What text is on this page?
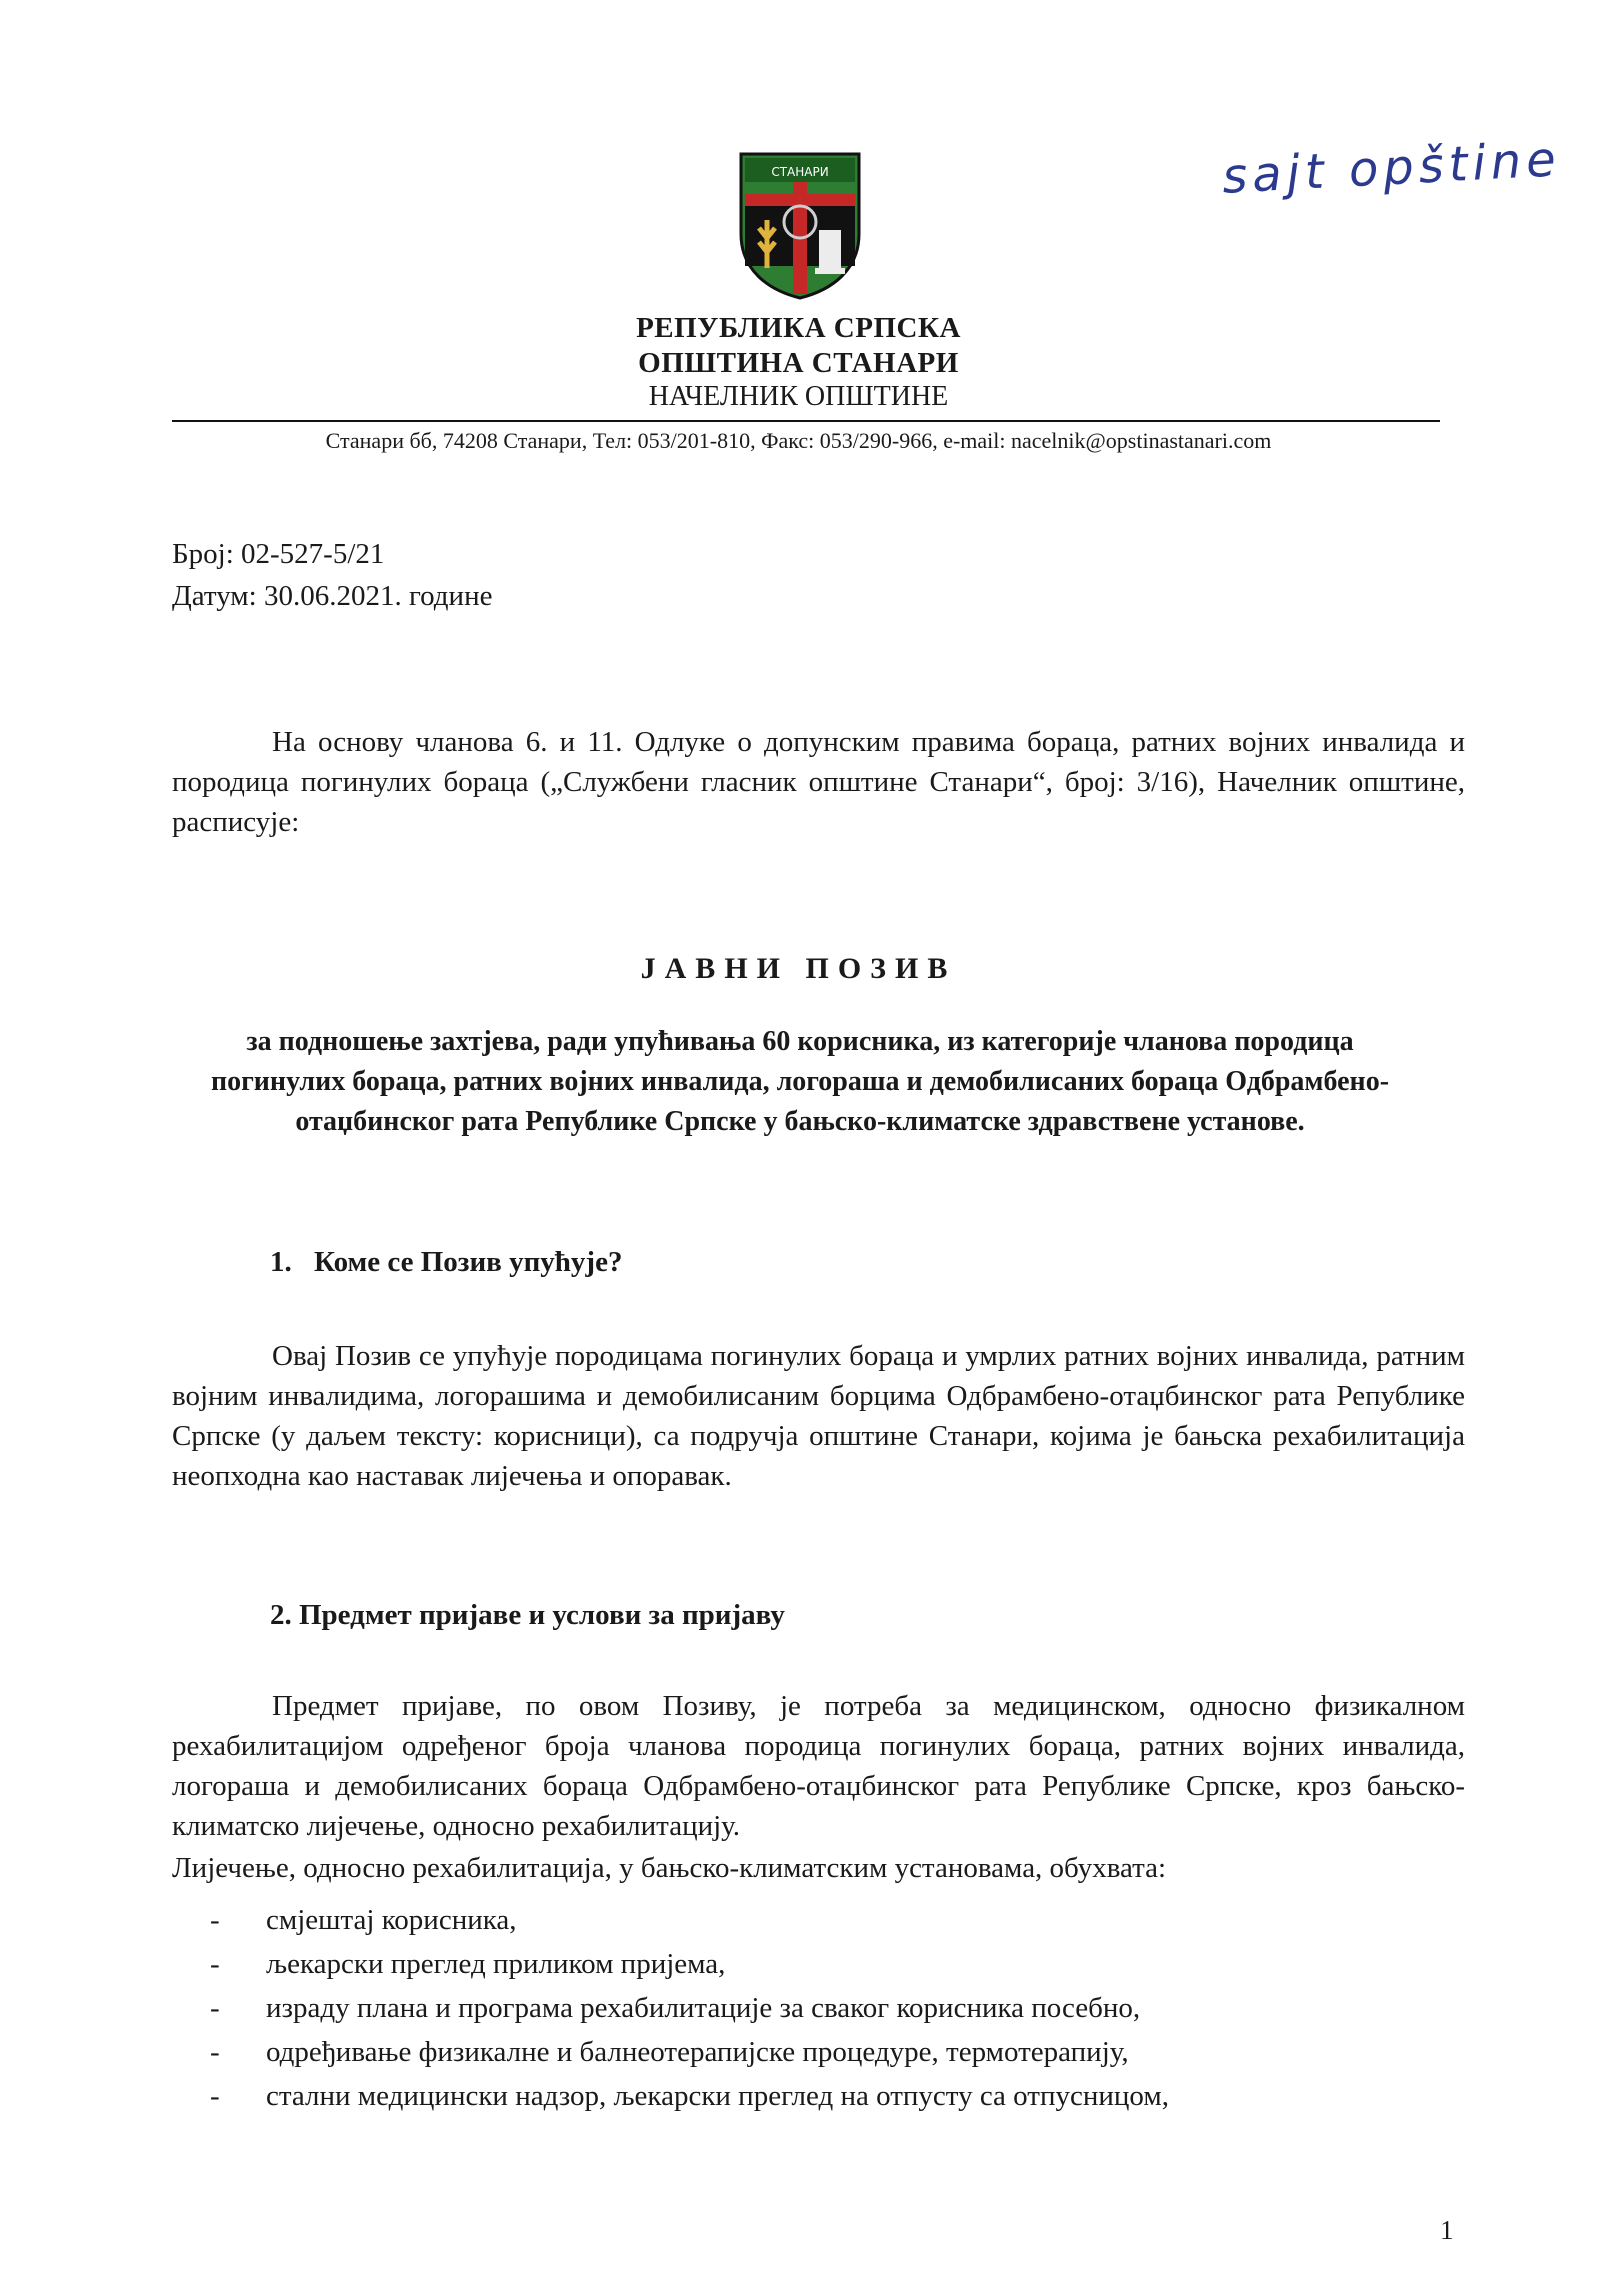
sajt opštine
СТАНАРИ
РЕПУБЛИКА СРПСКА
ОПШТИНА СТАНАРИ
НАЧЕЛНИК ОПШТИНЕ
Станари бб, 74208 Станари, Тел: 053/201-810, Факс: 053/290-966, e-mail: nacelnik@opstinastanari.com
Број: 02-527-5/21
Датум: 30.06.2021. године

На основу чланова 6. и 11. Одлуке о допунским правима бораца, ратних војних инвалида и породица погинулих бораца („Службени гласник општине Станари“, број: 3/16), Начелник општине, расписује:

ЈАВНИ ПОЗИВ

за подношење захтјева, ради упућивања 60 корисника, из категорије чланова породица погинулих бораца, ратних војних инвалида, логораша и демобилисаних бораца Одбрамбено-отаџбинског рата Републике Српске у бањско-климатске здравствене установе.

1. Коме се Позив упућује?

Овај Позив се упућује породицама погинулих бораца и умрлих ратних војних инвалида, ратним војним инвалидима, логорашима и демобилисаним борцима Одбрамбено-отаџбинског рата Републике Српске (у даљем тексту: корисници), са подручја општине Станари, којима је бањска рехабилитација неопходна као наставак лијечења и опоравак.

2. Предмет пријаве и услови за пријаву

Предмет пријаве, по овом Позиву, је потреба за медицинском, односно физикалном рехабилитацијом одређеног броја чланова породица погинулих бораца, ратних војних инвалида, логораша и демобилисаних бораца Одбрамбено-отаџбинског рата Републике Српске, кроз бањско-климатско лијечење, односно рехабилитацију.

Лијечење, односно рехабилитација, у бањско-климатским установама, обухвата:
- смјештај корисника,
- љекарски преглед приликом пријема,
- израду плана и програма рехабилитације за сваког корисника посебно,
- одређивање физикалне и балнеотерапијске процедуре, термотерапију,
- стални медицински надзор, љекарски преглед на отпусту са отпусницом,
1
